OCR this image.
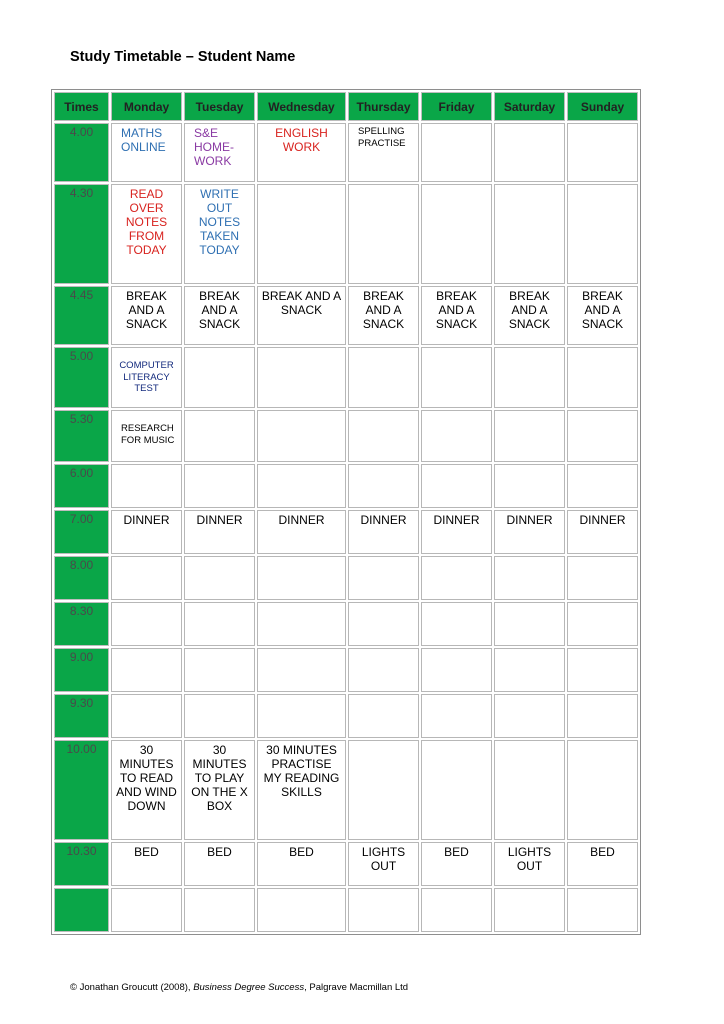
Study Timetable – Student Name
Times	Monday	Tuesday	Wednesday	Thursday	Friday	Saturday	Sunday
4.00	MATHS ONLINE	S&E HOME-WORK	ENGLISH WORK	SPELLING PRACTISE			
4.30	READ OVER NOTES FROM TODAY	WRITE OUT NOTES TAKEN TODAY					
4.45	BREAK AND A SNACK	BREAK AND A SNACK	BREAK AND A SNACK	BREAK AND A SNACK	BREAK AND A SNACK	BREAK AND A SNACK	BREAK AND A SNACK
5.00	COMPUTER LITERACY TEST						
5.30	RESEARCH FOR MUSIC						
6.00							
7.00	DINNER	DINNER	DINNER	DINNER	DINNER	DINNER	DINNER
8.00							
8.30							
9.00							
9.30							
10.00	30 MINUTES TO READ AND WIND DOWN	30 MINUTES TO PLAY ON THE X BOX	30 MINUTES PRACTISE MY READING SKILLS				
10.30	BED	BED	BED	LIGHTS OUT	BED	LIGHTS OUT	BED

© Jonathan Groucutt (2008), Business Degree Success, Palgrave Macmillan Ltd
